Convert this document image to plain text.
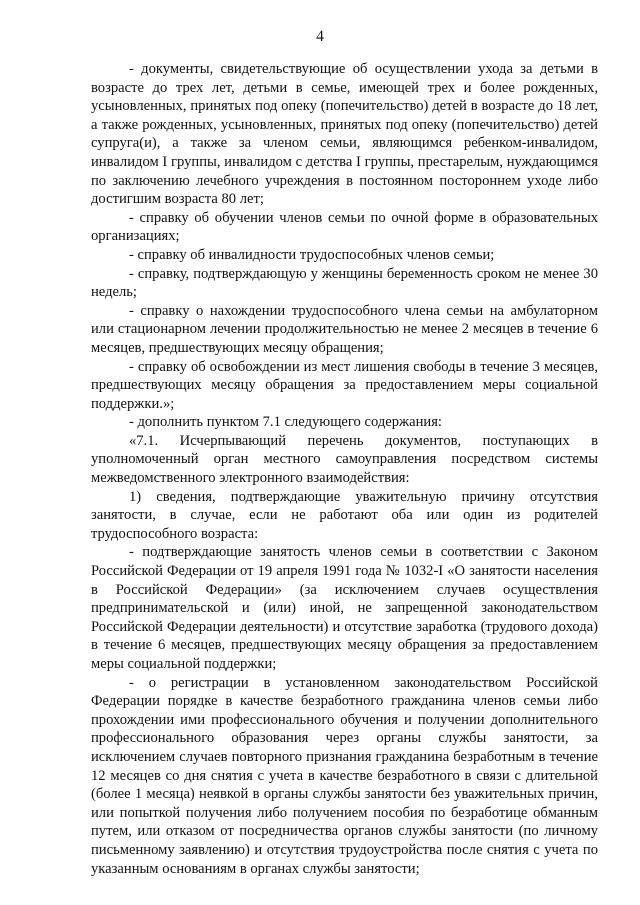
4

- документы, свидетельствующие об осуществлении ухода за детьми в возрасте до трех лет, детьми в семье, имеющей трех и более рожденных, усыновленных, принятых под опеку (попечительство) детей в возрасте до 18 лет, а также рожденных, усыновленных, принятых под опеку (попечительство) детей супруга(и), а также за членом семьи, являющимся ребенком-инвалидом, инвалидом I группы, инвалидом с детства I группы, престарелым, нуждающимся по заключению лечебного учреждения в постоянном постороннем уходе либо достигшим возраста 80 лет;

- справку об обучении членов семьи по очной форме в образовательных организациях;

- справку об инвалидности трудоспособных членов семьи;

- справку, подтверждающую у женщины беременность сроком не менее 30 недель;

- справку о нахождении трудоспособного члена семьи на амбулаторном или стационарном лечении продолжительностью не менее 2 месяцев в течение 6 месяцев, предшествующих месяцу обращения;

- справку об освобождении из мест лишения свободы в течение 3 месяцев, предшествующих месяцу обращения за предоставлением меры социальной поддержки.»;

- дополнить пунктом 7.1 следующего содержания:

«7.1. Исчерпывающий перечень документов, поступающих в уполномоченный орган местного самоуправления посредством системы межведомственного электронного взаимодействия:

1) сведения, подтверждающие уважительную причину отсутствия занятости, в случае, если не работают оба или один из родителей трудоспособного возраста:

- подтверждающие занятость членов семьи в соответствии с Законом Российской Федерации от 19 апреля 1991 года № 1032-I «О занятости населения в Российской Федерации» (за исключением случаев осуществления предпринимательской и (или) иной, не запрещенной законодательством Российской Федерации деятельности) и отсутствие заработка (трудового дохода) в течение 6 месяцев, предшествующих месяцу обращения за предоставлением меры социальной поддержки;

- о регистрации в установленном законодательством Российской Федерации порядке в качестве безработного гражданина членов семьи либо прохождении ими профессионального обучения и получении дополнительного профессионального образования через органы службы занятости, за исключением случаев повторного признания гражданина безработным в течение 12 месяцев со дня снятия с учета в качестве безработного в связи с длительной (более 1 месяца) неявкой в органы службы занятости без уважительных причин, или попыткой получения либо получением пособия по безработице обманным путем, или отказом от посредничества органов службы занятости (по личному письменному заявлению) и отсутствия трудоустройства после снятия с учета по указанным основаниям в органах службы занятости;
